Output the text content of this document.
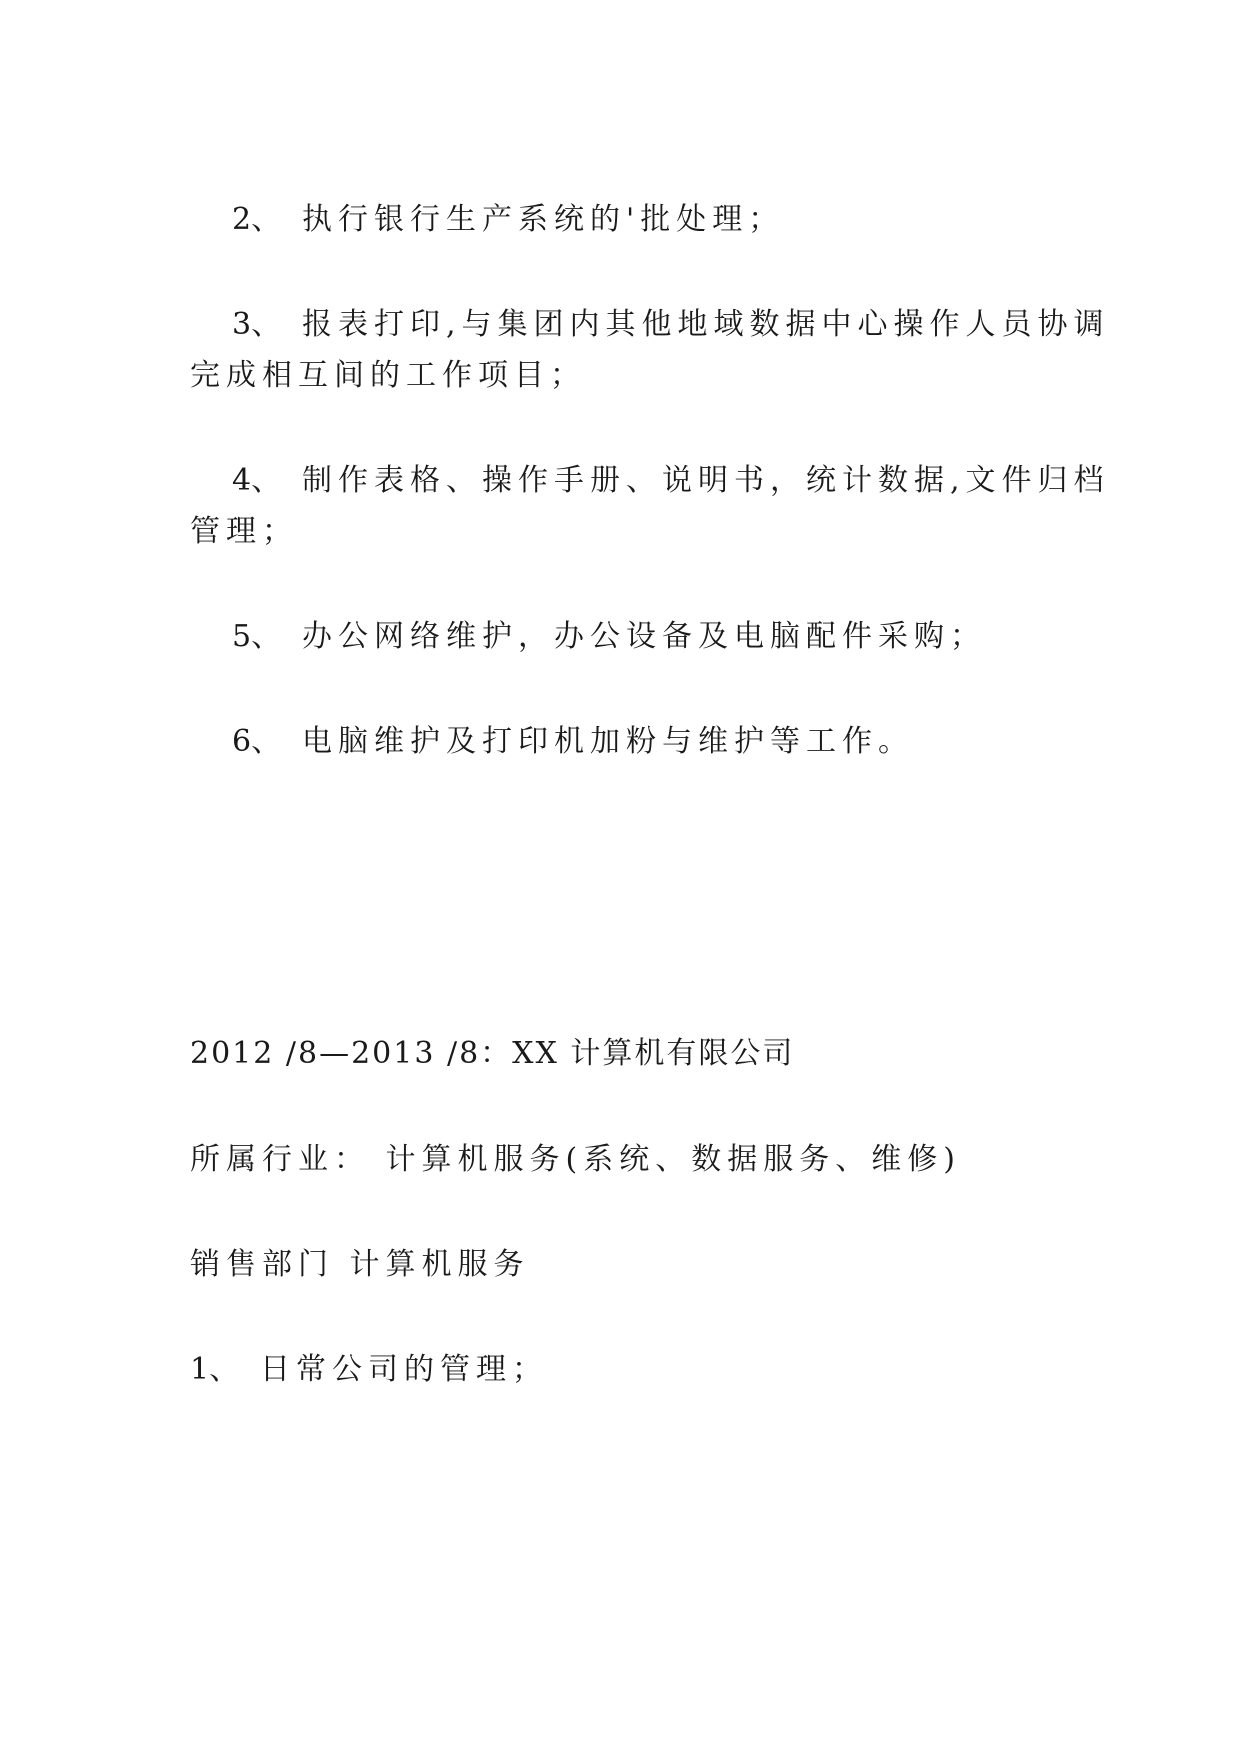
2、 执行银行生产系统的'批处理；
3、 报表打印,与集团内其他地域数据中心操作人员协调
完成相互间的工作项目；
4、 制作表格、操作手册、说明书，统计数据,文件归档
管理；
5、 办公网络维护，办公设备及电脑配件采购；
6、 电脑维护及打印机加粉与维护等工作。
2012 /8—2013 /8：XX 计算机有限公司
所属行业： 计算机服务(系统、数据服务、维修)
销售部门 计算机服务
1、 日常公司的管理；
